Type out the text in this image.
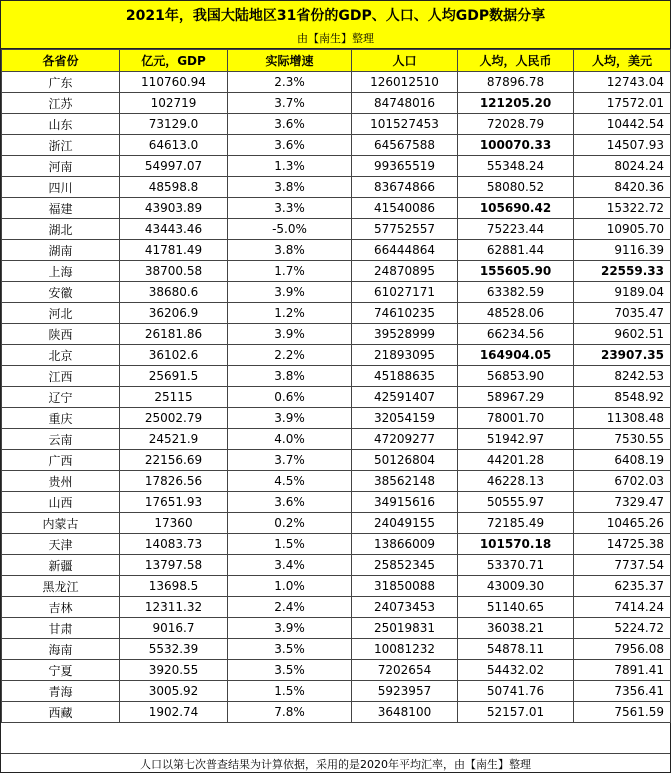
2021年，我国大陆地区31省份的GDP、人口、人均GDP数据分享
由【南生】整理
各省份	亿元，GDP	实际增速	人口	人均，人民币	人均，美元
广东	110760.94	2.3%	126012510	87896.78	12743.04
江苏	102719	3.7%	84748016	121205.20	17572.01
山东	73129.0	3.6%	101527453	72028.79	10442.54
浙江	64613.0	3.6%	64567588	100070.33	14507.93
河南	54997.07	1.3%	99365519	55348.24	8024.24
四川	48598.8	3.8%	83674866	58080.52	8420.36
福建	43903.89	3.3%	41540086	105690.42	15322.72
湖北	43443.46	-5.0%	57752557	75223.44	10905.70
湖南	41781.49	3.8%	66444864	62881.44	9116.39
上海	38700.58	1.7%	24870895	155605.90	22559.33
安徽	38680.6	3.9%	61027171	63382.59	9189.04
河北	36206.9	1.2%	74610235	48528.06	7035.47
陕西	26181.86	3.9%	39528999	66234.56	9602.51
北京	36102.6	2.2%	21893095	164904.05	23907.35
江西	25691.5	3.8%	45188635	56853.90	8242.53
辽宁	25115	0.6%	42591407	58967.29	8548.92
重庆	25002.79	3.9%	32054159	78001.70	11308.48
云南	24521.9	4.0%	47209277	51942.97	7530.55
广西	22156.69	3.7%	50126804	44201.28	6408.19
贵州	17826.56	4.5%	38562148	46228.13	6702.03
山西	17651.93	3.6%	34915616	50555.97	7329.47
内蒙古	17360	0.2%	24049155	72185.49	10465.26
天津	14083.73	1.5%	13866009	101570.18	14725.38
新疆	13797.58	3.4%	25852345	53370.71	7737.54
黑龙江	13698.5	1.0%	31850088	43009.30	6235.37
吉林	12311.32	2.4%	24073453	51140.65	7414.24
甘肃	9016.7	3.9%	25019831	36038.21	5224.72
海南	5532.39	3.5%	10081232	54878.11	7956.08
宁夏	3920.55	3.5%	7202654	54432.02	7891.41
青海	3005.92	1.5%	5923957	50741.76	7356.41
西藏	1902.74	7.8%	3648100	52157.01	7561.59
人口以第七次普查结果为计算依据，采用的是2020年平均汇率，由【南生】整理
